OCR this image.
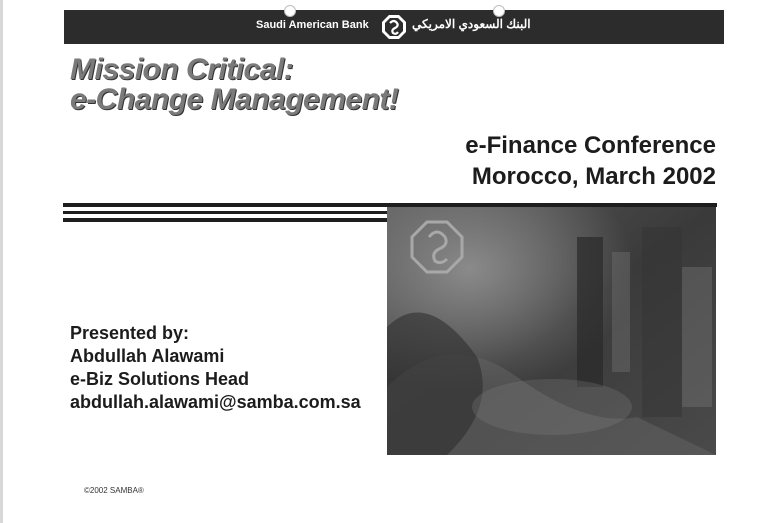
Saudi American Bank	البنك السعودي الامريكي
Mission Critical:
e-Change Management!
e-Finance Conference
Morocco, March 2002
Presented by:
Abdullah Alawami
e-Biz Solutions Head
abdullah.alawami@samba.com.sa
©2002 SAMBA®
